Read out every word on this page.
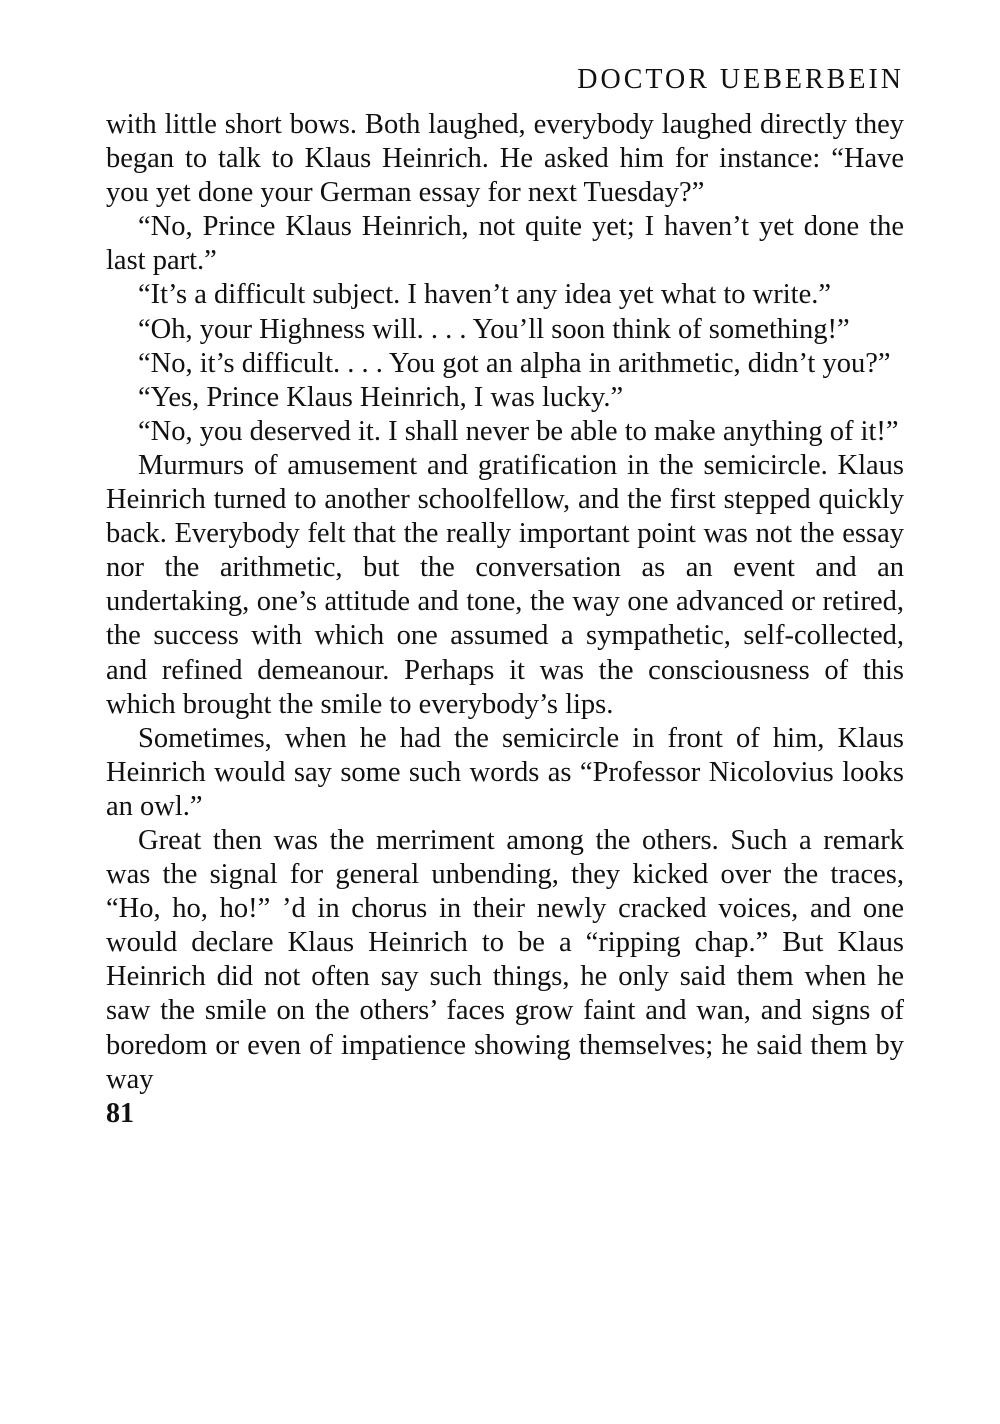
DOCTOR UEBERBEIN

with little short bows. Both laughed, everybody laughed directly they began to talk to Klaus Heinrich. He asked him for instance: “Have you yet done your German essay for next Tuesday?”

“No, Prince Klaus Heinrich, not quite yet; I haven’t yet done the last part.”

“It’s a difficult subject. I haven’t any idea yet what to write.”

“Oh, your Highness will. . . . You’ll soon think of something!”

“No, it’s difficult. . . . You got an alpha in arithmetic, didn’t you?”

“Yes, Prince Klaus Heinrich, I was lucky.”

“No, you deserved it. I shall never be able to make anything of it!”

Murmurs of amusement and gratification in the semicircle. Klaus Heinrich turned to another schoolfellow, and the first stepped quickly back. Everybody felt that the really important point was not the essay nor the arithmetic, but the conversation as an event and an undertaking, one’s attitude and tone, the way one advanced or retired, the success with which one assumed a sympathetic, self-collected, and refined demeanour. Perhaps it was the consciousness of this which brought the smile to everybody’s lips.

Sometimes, when he had the semicircle in front of him, Klaus Heinrich would say some such words as “Professor Nicolovius looks an owl.”

Great then was the merriment among the others. Such a remark was the signal for general unbending, they kicked over the traces, “Ho, ho, ho!” ’d in chorus in their newly cracked voices, and one would declare Klaus Heinrich to be a “ripping chap.” But Klaus Heinrich did not often say such things, he only said them when he saw the smile on the others’ faces grow faint and wan, and signs of boredom or even of impatience showing themselves; he said them by way

81
